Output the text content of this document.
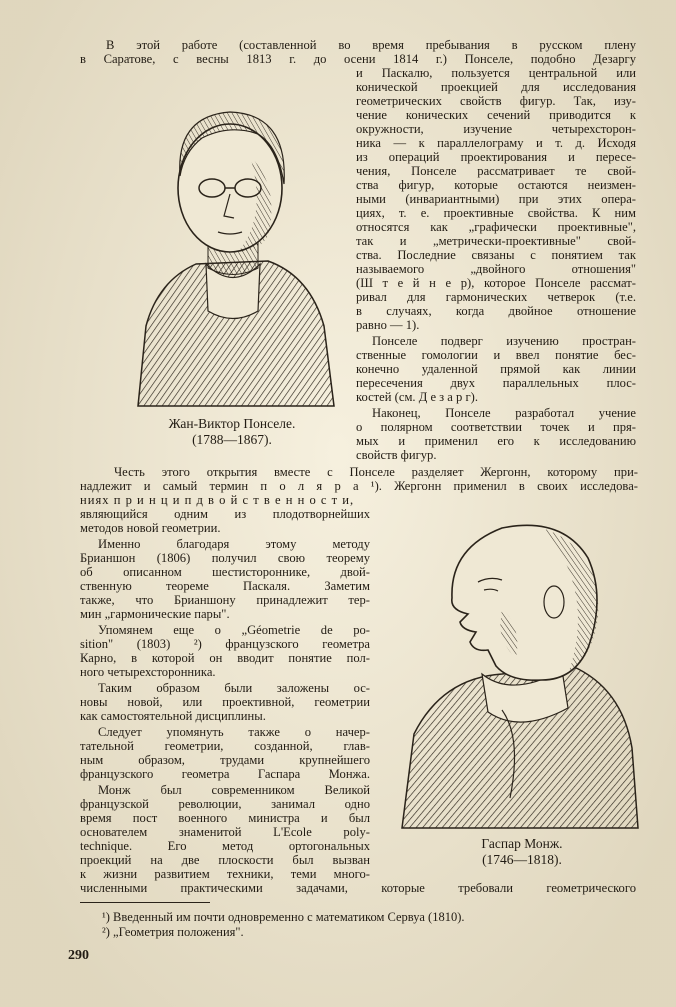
В этой работе (составленной во время пребывания в русском плену
в Саратове, с весны 1813 г. до осени 1814 г.) Понселе, подобно Дезаргу
и Паскалю, пользуется центральной или
конической проекцией для исследования
геометрических свойств фигур. Так, изу-
чение конических сечений приводится к
окружности, изучение четырехсторон-
ника — к параллелограму и т. д. Исходя
из операций проектирования и пересе-
чения, Понселе рассматривает те свой-
ства фигур, которые остаются неизмен-
ными (инвариантными) при этих опера-
циях, т. е. проективные свойства. К ним
относятся как „графически проективные",
так и „метрически-проективные" свой-
ства. Последние связаны с понятием так
называемого „двойного отношения"
(Ш т е й н е р), которое Понселе рассмат-
ривал для гармонических четверок (т.е.
в случаях, когда двойное отношение
равно — 1).
Понселе подверг изучению простран-
ственные гомологии и ввел понятие бес-
конечно удаленной прямой как линии
пересечения двух параллельных плос-
костей (см. Д е з а р г).
Наконец, Понселе разработал учение
о полярном соответствии точек и пря-
мых и применил его к исследованию
свойств фигур.
Жан-Виктор Понселе.
(1788—1867).
Честь этого открытия вместе с Понселе разделяет Жергонн, которому при-
надлежит и самый термин п о л я р а ¹). Жергонн применил в своих исследова-
ниях п р и н ц и п д в о й с т в е н н о с т и,
являющийся одним из плодотворнейших
методов новой геометрии.
Именно благодаря этому методу
Брианшон (1806) получил свою теорему
об описанном шестистороннике, двой-
ственную теореме Паскаля. Заметим
также, что Брианшону принадлежит тер-
мин „гармонические пары".
Упомянем еще о „Géometrie de po-
sition" (1803) ²) французского геометра
Карно, в которой он вводит понятие пол-
ного четырехсторонника.
Таким образом были заложены ос-
новы новой, или проективной, геометрии
как самостоятельной дисциплины.
Следует упомянуть также о начер-
тательной геометрии, созданной, глав-
ным образом, трудами крупнейшего
французского геометра Гаспара Монжа.
Монж был современником Великой
французской революции, занимал одно
время пост военного министра и был
основателем знаменитой L'Ecole poly-
technique. Его метод ортогональных
проекций на две плоскости был вызван
к жизни развитием техники, теми много-
численными практическими задачами, которые требовали геометрического
Гаспар Монж.
(1746—1818).
¹) Введенный им почти одновременно с математиком Сервуа (1810).
²) „Геометрия положения".
290
